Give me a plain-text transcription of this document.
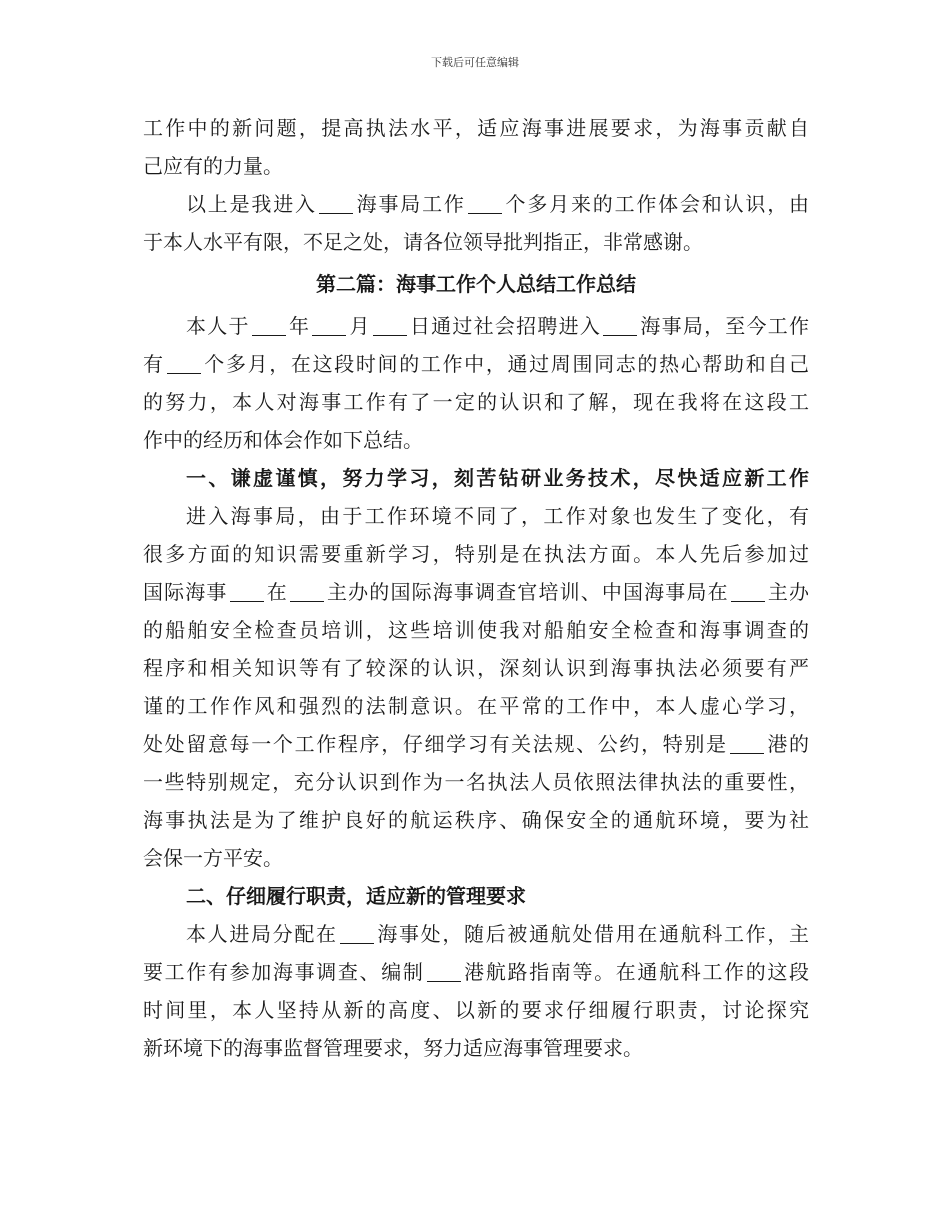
下载后可任意编辑
工作中的新问题，提高执法水平，适应海事进展要求，为海事贡献自
己应有的力量。
以上是我进入 海事局工作 个多月来的工作体会和认识，由
于本人水平有限，不足之处，请各位领导批判指正，非常感谢。
第二篇：海事工作个人总结工作总结
本人于 年 月 日通过社会招聘进入 海事局，至今工作
有 个多月，在这段时间的工作中，通过周围同志的热心帮助和自己
的努力，本人对海事工作有了一定的认识和了解，现在我将在这段工
作中的经历和体会作如下总结。
一、谦虚谨慎，努力学习，刻苦钻研业务技术，尽快适应新工作
进入海事局，由于工作环境不同了，工作对象也发生了变化，有
很多方面的知识需要重新学习，特别是在执法方面。本人先后参加过
国际海事 在 主办的国际海事调查官培训、中国海事局在 主办
的船舶安全检查员培训，这些培训使我对船舶安全检查和海事调查的
程序和相关知识等有了较深的认识，深刻认识到海事执法必须要有严
谨的工作作风和强烈的法制意识。在平常的工作中，本人虚心学习，
处处留意每一个工作程序，仔细学习有关法规、公约，特别是 港的
一些特别规定，充分认识到作为一名执法人员依照法律执法的重要性，
海事执法是为了维护良好的航运秩序、确保安全的通航环境，要为社
会保一方平安。
二、仔细履行职责，适应新的管理要求
本人进局分配在 海事处，随后被通航处借用在通航科工作，主
要工作有参加海事调查、编制 港航路指南等。在通航科工作的这段
时间里，本人坚持从新的高度、以新的要求仔细履行职责，讨论探究
新环境下的海事监督管理要求，努力适应海事管理要求。
